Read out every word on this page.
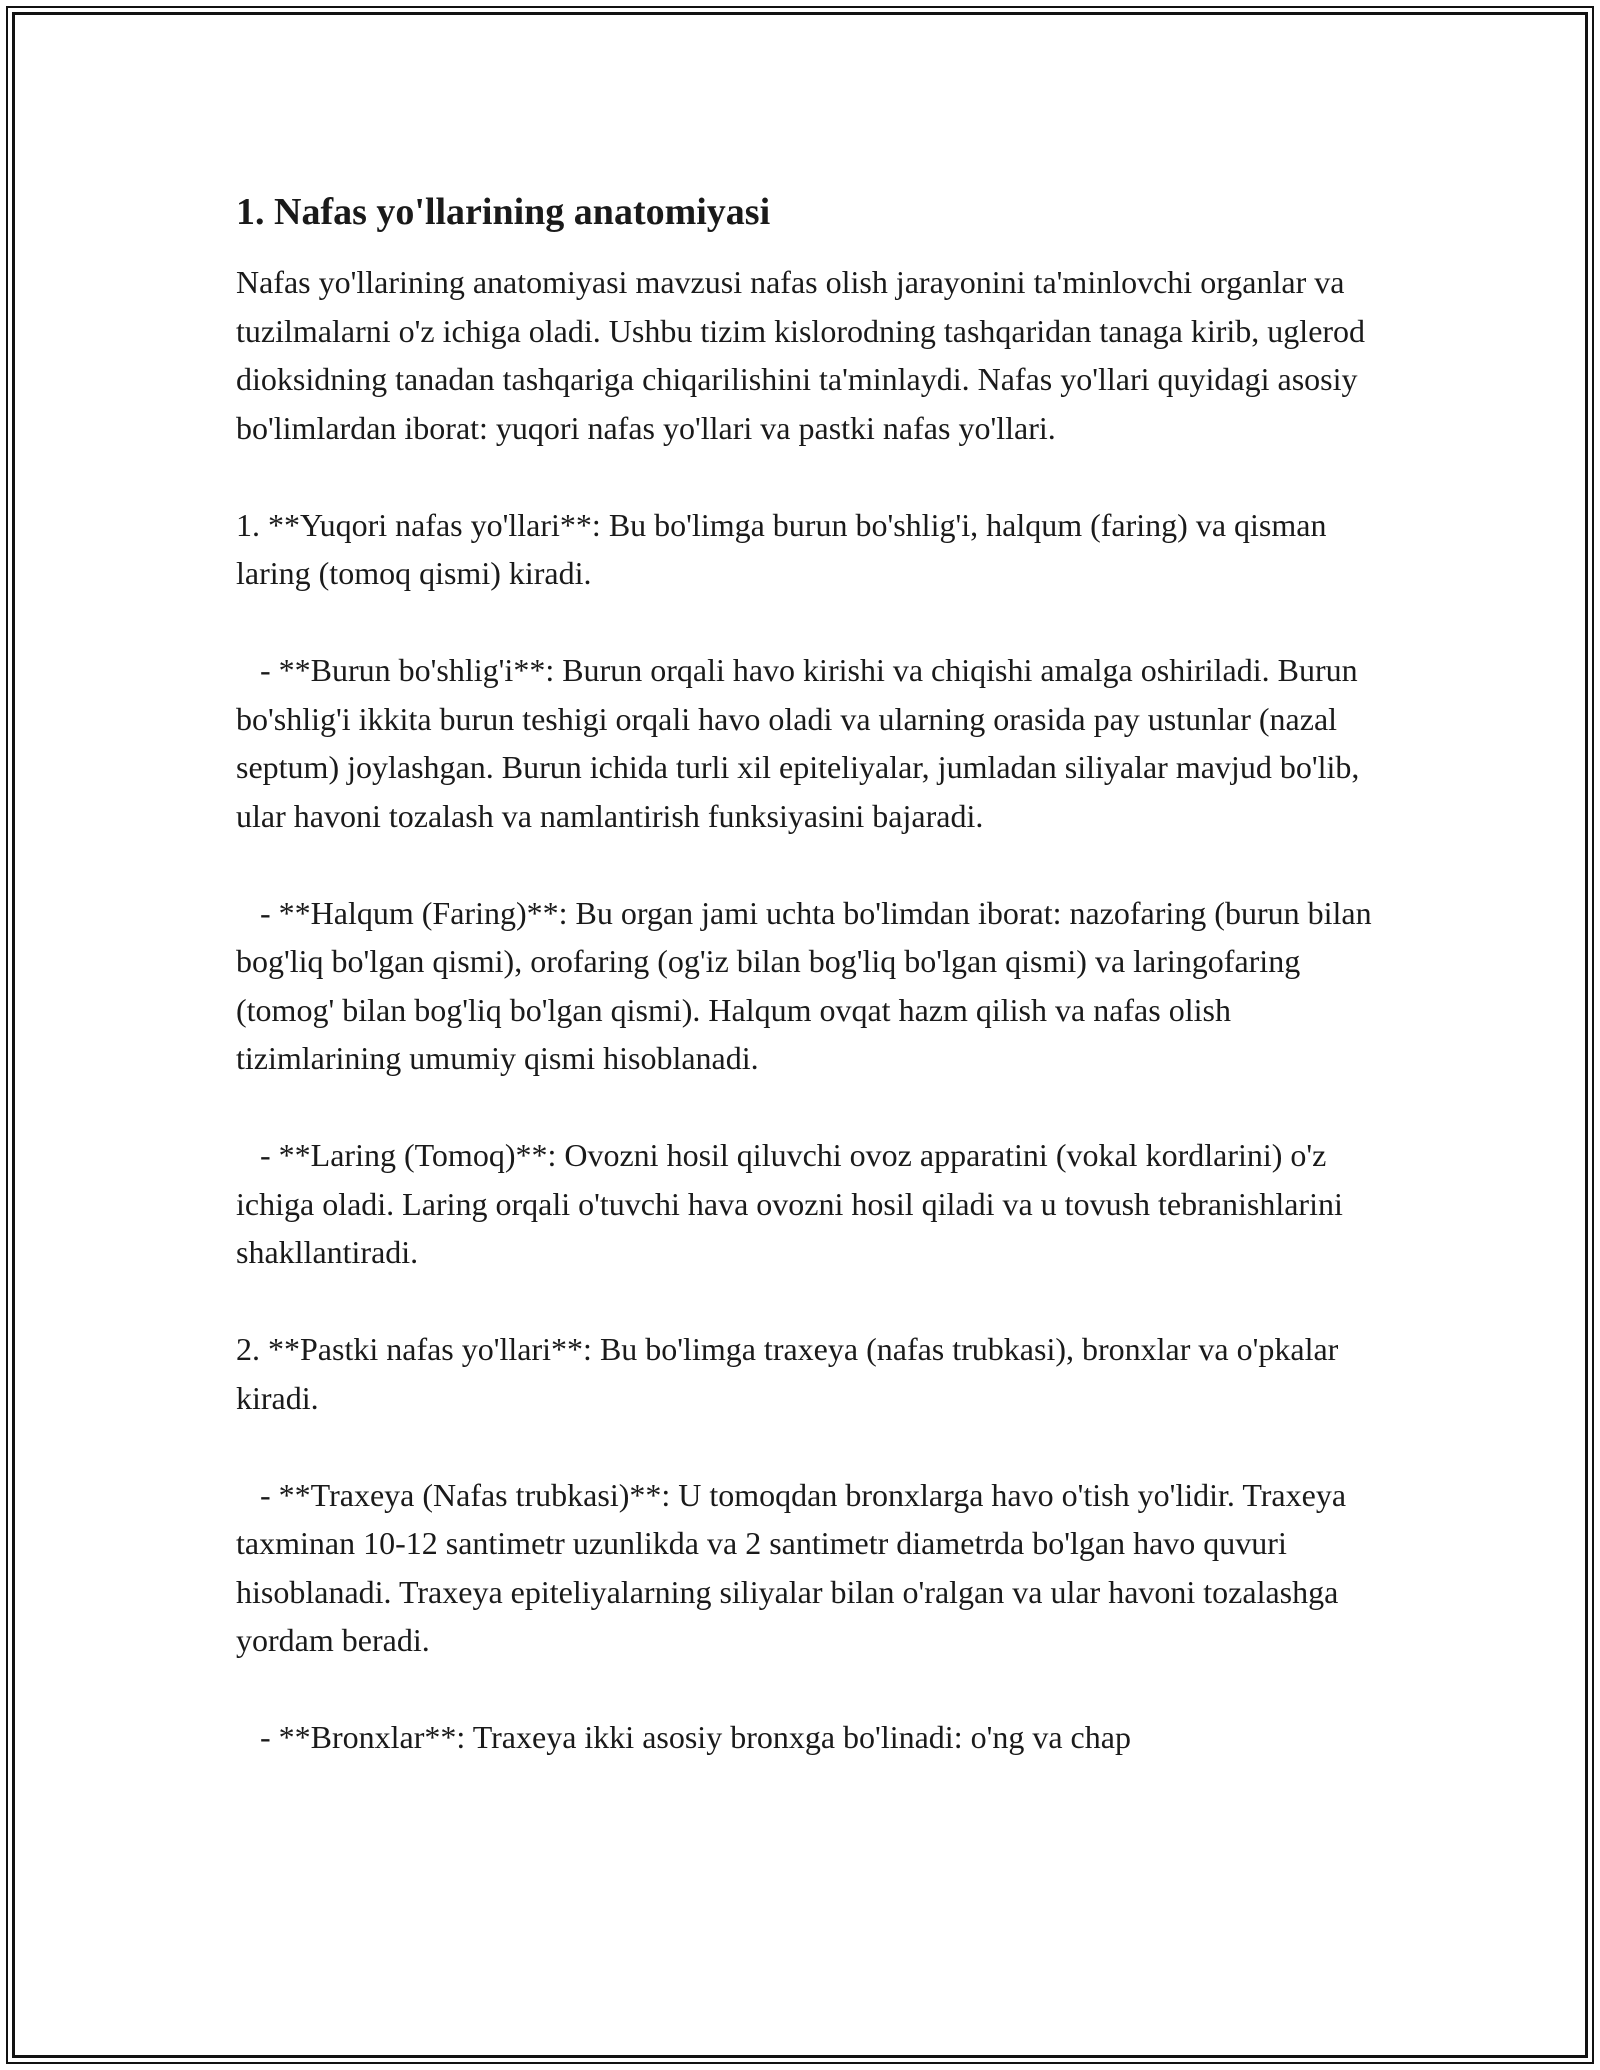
1. Nafas yo'llarining anatomiyasi

Nafas yo'llarining anatomiyasi mavzusi nafas olish jarayonini ta'minlovchi organlar va tuzilmalarni o'z ichiga oladi. Ushbu tizim kislorodning tashqaridan tanaga kirib, uglerod dioksidning tanadan tashqariga chiqarilishini ta'minlaydi. Nafas yo'llari quyidagi asosiy bo'limlardan iborat: yuqori nafas yo'llari va pastki nafas yo'llari.

1. **Yuqori nafas yo'llari**: Bu bo'limga burun bo'shlig'i, halqum (faring) va qisman laring (tomoq qismi) kiradi.

- **Burun bo'shlig'i**: Burun orqali havo kirishi va chiqishi amalga oshiriladi. Burun bo'shlig'i ikkita burun teshigi orqali havo oladi va ularning orasida pay ustunlar (nazal septum) joylashgan. Burun ichida turli xil epiteliyalar, jumladan siliyalar mavjud bo'lib, ular havoni tozalash va namlantirish funksiyasini bajaradi.

- **Halqum (Faring)**: Bu organ jami uchta bo'limdan iborat: nazofaring (burun bilan bog'liq bo'lgan qismi), orofaring (og'iz bilan bog'liq bo'lgan qismi) va laringofaring (tomog' bilan bog'liq bo'lgan qismi). Halqum ovqat hazm qilish va nafas olish tizimlarining umumiy qismi hisoblanadi.

- **Laring (Tomoq)**: Ovozni hosil qiluvchi ovoz apparatini (vokal kordlarini) o'z ichiga oladi. Laring orqali o'tuvchi hava ovozni hosil qiladi va u tovush tebranishlarini shakllantiradi.

2. **Pastki nafas yo'llari**: Bu bo'limga traxeya (nafas trubkasi), bronxlar va o'pkalar kiradi.

- **Traxeya (Nafas trubkasi)**: U tomoqdan bronxlarga havo o'tish yo'lidir. Traxeya taxminan 10-12 santimetr uzunlikda va 2 santimetr diametrda bo'lgan havo quvuri hisoblanadi. Traxeya epiteliyalarning siliyalar bilan o'ralgan va ular havoni tozalashga yordam beradi.

- **Bronxlar**: Traxeya ikki asosiy bronxga bo'linadi: o'ng va chap
